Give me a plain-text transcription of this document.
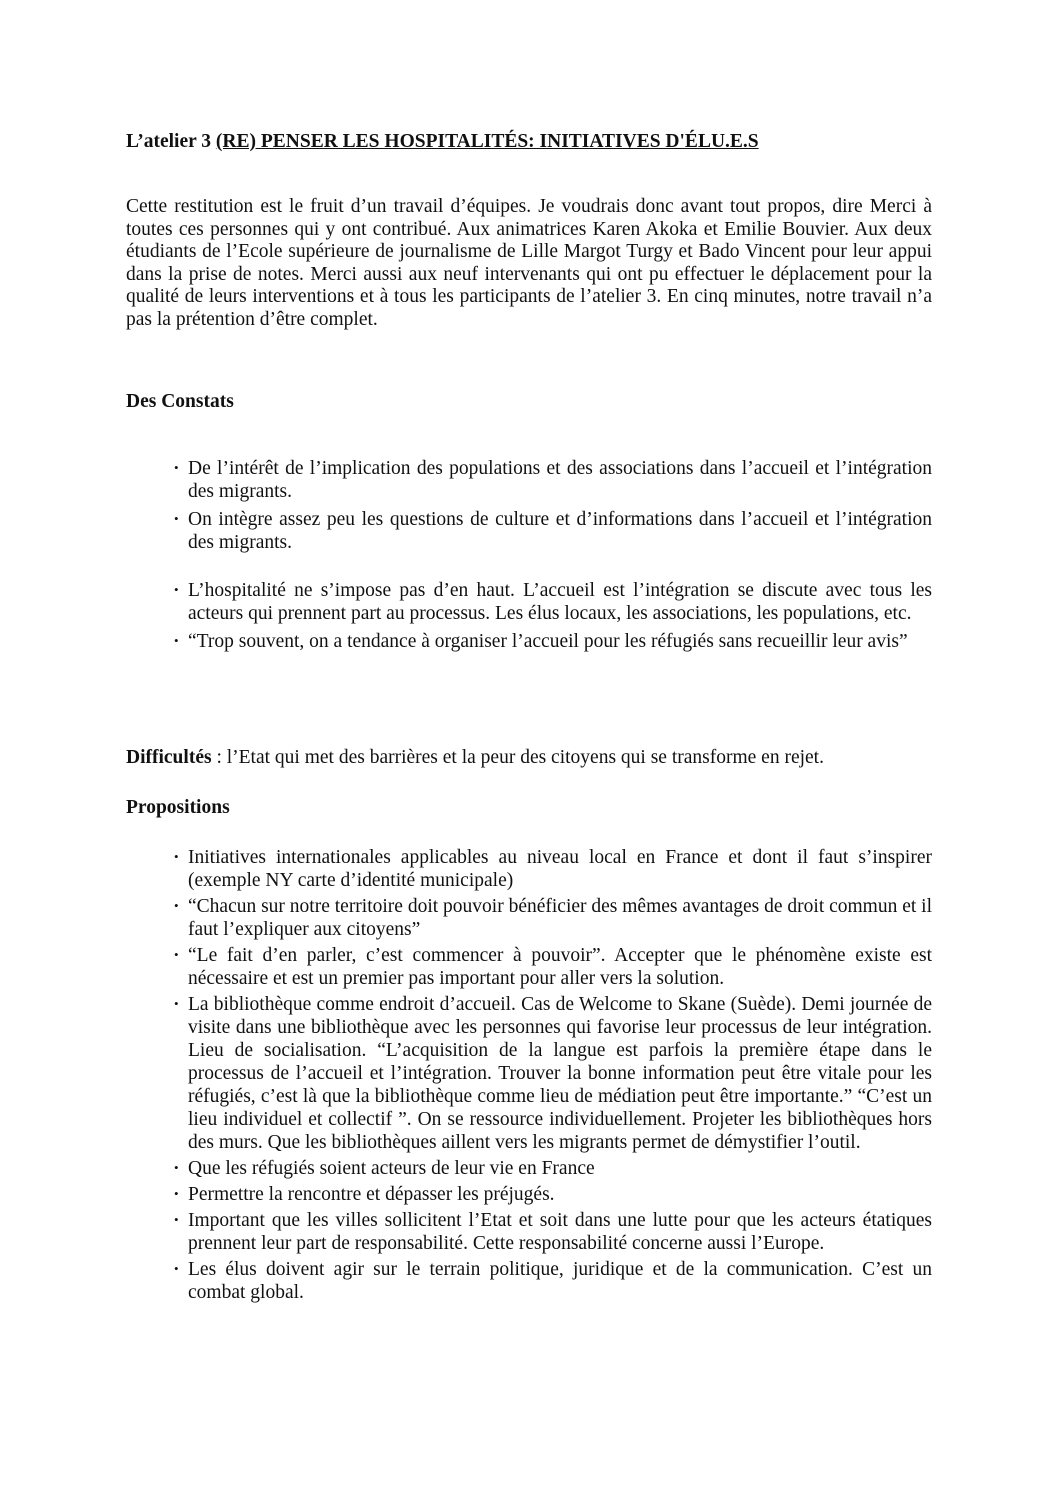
L’atelier 3 (RE) PENSER LES HOSPITALITÉS: INITIATIVES D'ÉLU.E.S

Cette restitution est le fruit d’un travail d’équipes. Je voudrais donc avant tout propos, dire Merci à toutes ces personnes qui y ont contribué. Aux animatrices Karen Akoka et Emilie Bouvier. Aux deux étudiants de l’Ecole supérieure de journalisme de Lille Margot Turgy et Bado Vincent pour leur appui dans la prise de notes. Merci aussi aux neuf intervenants qui ont pu effectuer le déplacement pour la qualité de leurs interventions et à tous les participants de l’atelier 3. En cinq minutes, notre travail n’a pas la prétention d’être complet.

Des Constats
• De l’intérêt de l’implication des populations et des associations dans l’accueil et l’intégration des migrants.
• On intègre assez peu les questions de culture et d’informations dans l’accueil et l’intégration des migrants.
• L’hospitalité ne s’impose pas d’en haut. L’accueil est l’intégration se discute avec tous les acteurs qui prennent part au processus. Les élus locaux, les associations, les populations, etc.
• “Trop souvent, on a tendance à organiser l’accueil pour les réfugiés sans recueillir leur avis”
Difficultés : l’Etat qui met des barrières et la peur des citoyens qui se transforme en rejet.
Propositions
• Initiatives internationales applicables au niveau local en France et dont il faut s’inspirer (exemple NY carte d’identité municipale)
• “Chacun sur notre territoire doit pouvoir bénéficier des mêmes avantages de droit commun et il faut l’expliquer aux citoyens”
• “Le fait d’en parler, c’est commencer à pouvoir”. Accepter que le phénomène existe est nécessaire et est un premier pas important pour aller vers la solution.
• La bibliothèque comme endroit d’accueil. Cas de Welcome to Skane (Suède). Demi journée de visite dans une bibliothèque avec les personnes qui favorise leur processus de leur intégration. Lieu de socialisation. “L’acquisition de la langue est parfois la première étape dans le processus de l’accueil et l’intégration. Trouver la bonne information peut être vitale pour les réfugiés, c’est là que la bibliothèque comme lieu de médiation peut être importante.” “C’est un lieu individuel et collectif ”. On se ressource individuellement. Projeter les bibliothèques hors des murs. Que les bibliothèques aillent vers les migrants permet de démystifier l’outil.
• Que les réfugiés soient acteurs de leur vie en France
• Permettre la rencontre et dépasser les préjugés.
• Important que les villes sollicitent l’Etat et soit dans une lutte pour que les acteurs étatiques prennent leur part de responsabilité. Cette responsabilité concerne aussi l’Europe.
• Les élus doivent agir sur le terrain politique, juridique et de la communication. C’est un combat global.
